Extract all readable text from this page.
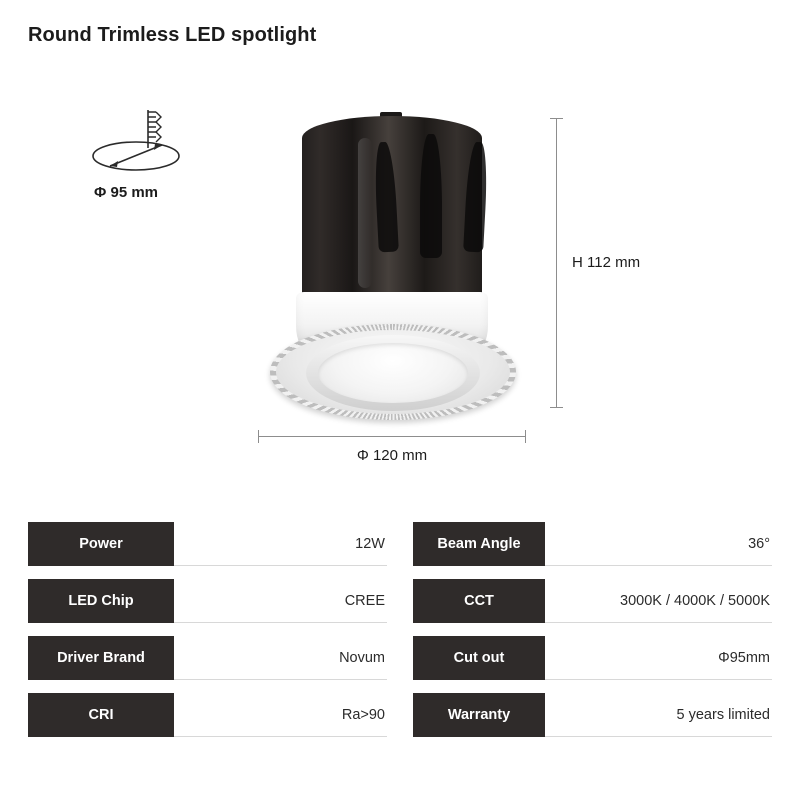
Round Trimless LED spotlight
Φ 95 mm
H 112 mm
Φ 120 mm
Power	12W
LED Chip	CREE
Driver Brand	Novum
CRI	Ra>90
Beam Angle	36°
CCT	3000K / 4000K / 5000K
Cut out	Φ95mm
Warranty	5 years limited
